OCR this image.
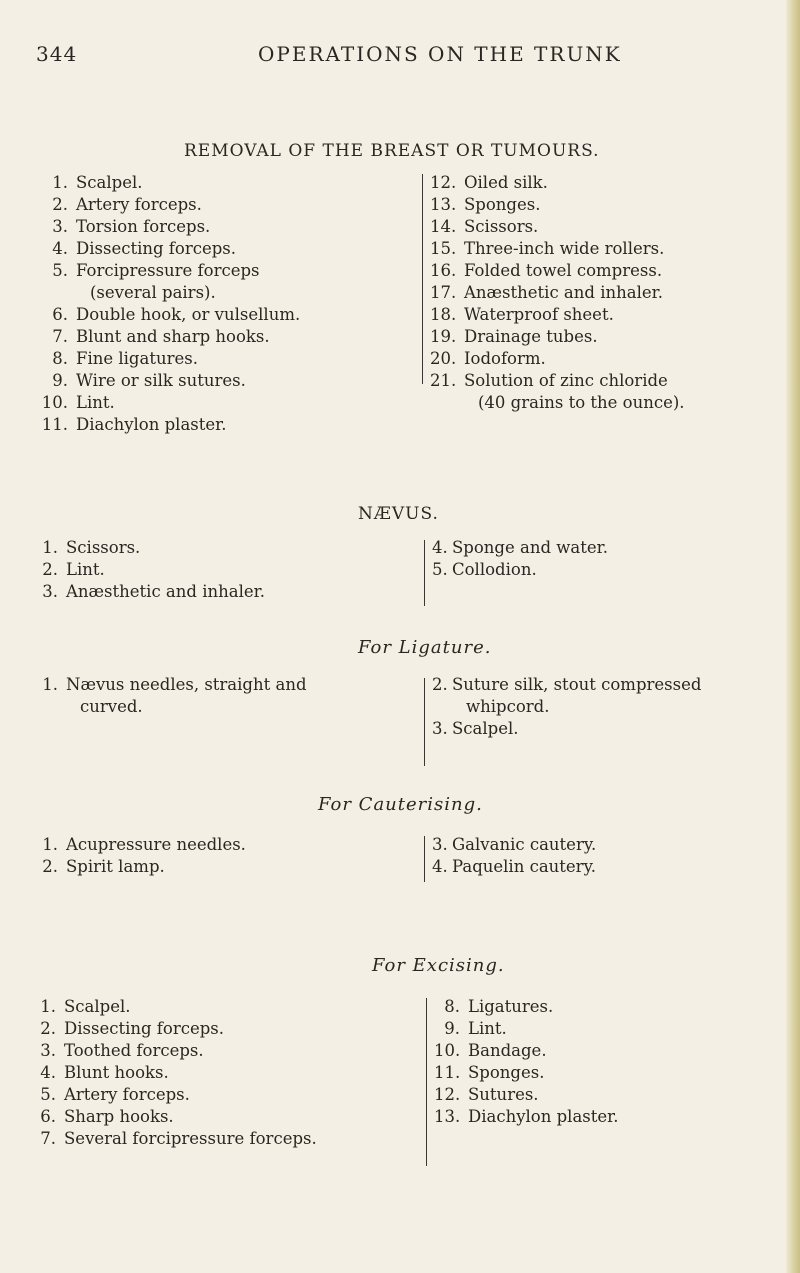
344	OPERATIONS ON THE TRUNK
REMOVAL OF THE BREAST OR TUMOURS.
1. Scalpel.
2. Artery forceps.
3. Torsion forceps.
4. Dissecting forceps.
5. Forcipressure forceps
(several pairs).
6. Double hook, or vulsellum.
7. Blunt and sharp hooks.
8. Fine ligatures.
9. Wire or silk sutures.
10. Lint.
11. Diachylon plaster.
12. Oiled silk.
13. Sponges.
14. Scissors.
15. Three-inch wide rollers.
16. Folded towel compress.
17. Anæsthetic and inhaler.
18. Waterproof sheet.
19. Drainage tubes.
20. Iodoform.
21. Solution of zinc chloride
(40 grains to the ounce).
NÆVUS.
1. Scissors.
2. Lint.
3. Anæsthetic and inhaler.
4. Sponge and water.
5. Collodion.
For Ligature.
1. Nævus needles, straight and
curved.
2. Suture silk, stout compressed
whipcord.
3. Scalpel.
For Cauterising.
1. Acupressure needles.
2. Spirit lamp.
3. Galvanic cautery.
4. Paquelin cautery.
For Excising.
1. Scalpel.
2. Dissecting forceps.
3. Toothed forceps.
4. Blunt hooks.
5. Artery forceps.
6. Sharp hooks.
7. Several forcipressure forceps.
8. Ligatures.
9. Lint.
10. Bandage.
11. Sponges.
12. Sutures.
13. Diachylon plaster.
